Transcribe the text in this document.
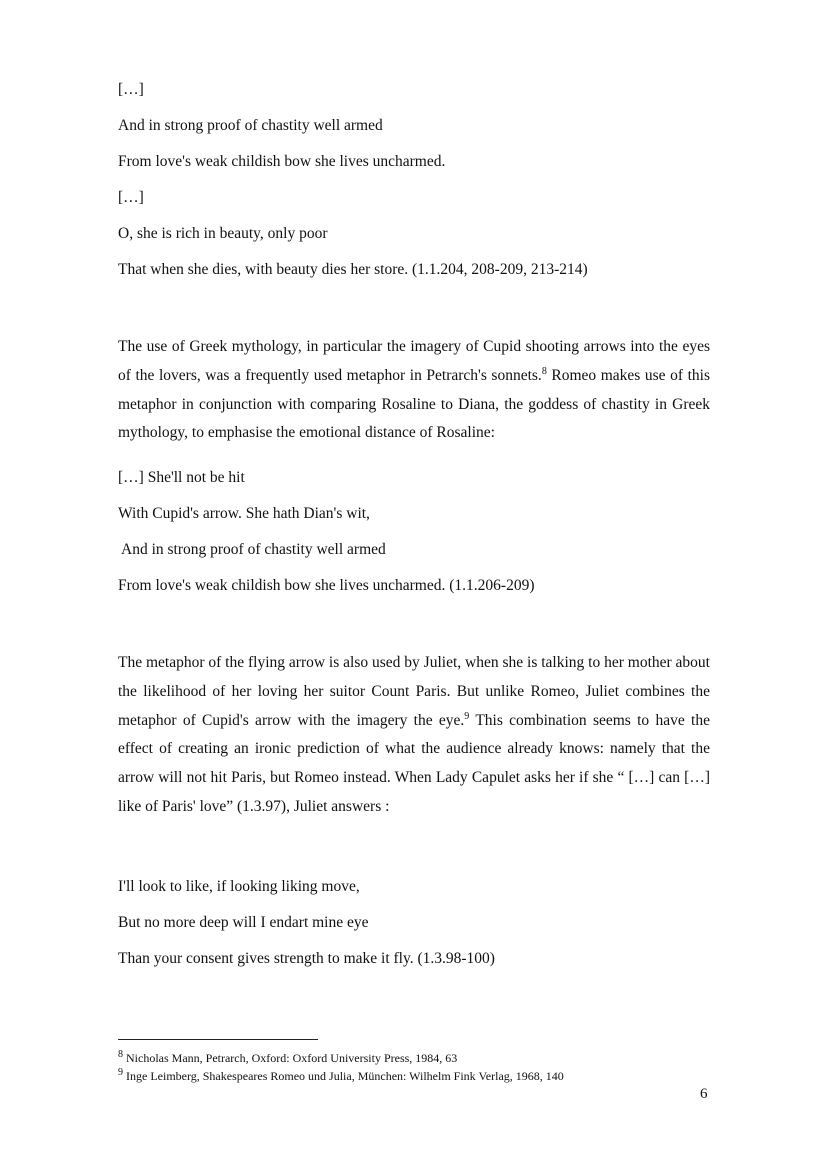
[…]

And in strong proof of chastity well armed

From love's weak childish bow she lives uncharmed.

[…]

O, she is rich in beauty, only poor

That when she dies, with beauty dies her store. (1.1.204, 208-209, 213-214)

The use of Greek mythology, in particular the imagery of Cupid shooting arrows into the eyes of the lovers, was a frequently used metaphor in Petrarch's sonnets.$^8$ Romeo makes use of this metaphor in conjunction with comparing Rosaline to Diana, the goddess of chastity in Greek mythology, to emphasise the emotional distance of Rosaline:

[…] She'll not be hit

With Cupid's arrow. She hath Dian's wit,

And in strong proof of chastity well armed

From love's weak childish bow she lives uncharmed. (1.1.206-209)

The metaphor of the flying arrow is also used by Juliet, when she is talking to her mother about the likelihood of her loving her suitor Count Paris. But unlike Romeo, Juliet combines the metaphor of Cupid's arrow with the imagery the eye.$^9$ This combination seems to have the effect of creating an ironic prediction of what the audience already knows: namely that the arrow will not hit Paris, but Romeo instead. When Lady Capulet asks her if she “ […] can […] like of Paris' love” (1.3.97), Juliet answers :

I'll look to like, if looking liking move,

But no more deep will I endart mine eye

Than your consent gives strength to make it fly. (1.3.98-100)

$^8$ Nicholas Mann, Petrarch, Oxford: Oxford University Press, 1984, 63

$^9$ Inge Leimberg, Shakespeares Romeo und Julia, München: Wilhelm Fink Verlag, 1968, 140

6
